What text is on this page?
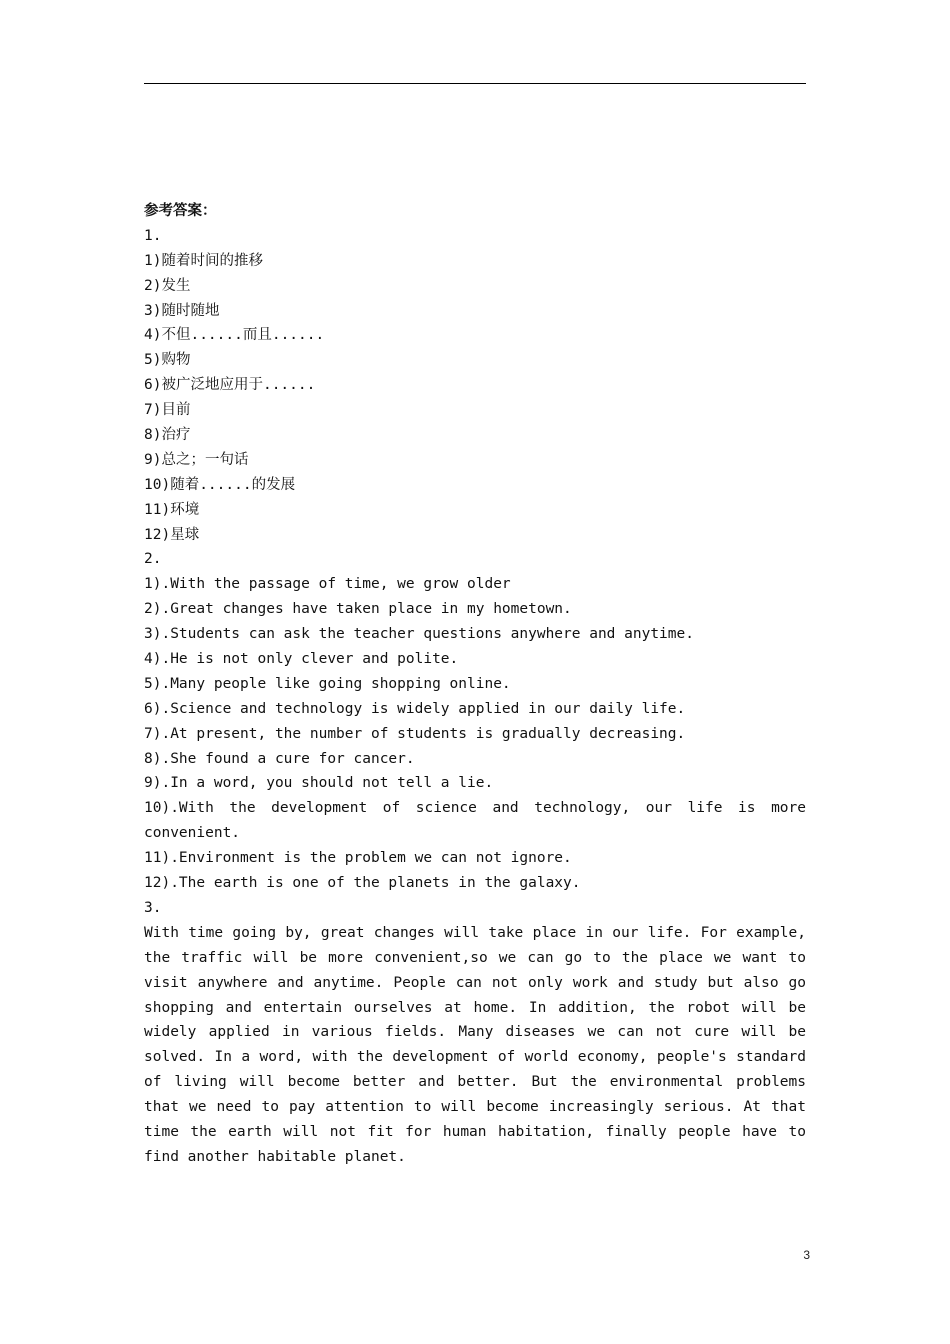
参考答案：
1.
1)随着时间的推移
2)发生
3)随时随地
4)不但......而且......
5)购物
6)被广泛地应用于......
7)目前
8)治疗
9)总之；一句话
10)随着......的发展
11)环境
12)星球
2.
1).With the passage of time, we grow older
2).Great changes have taken place in my hometown.
3).Students can ask the teacher questions anywhere and anytime.
4).He is not only clever and polite.
5).Many people like going shopping online.
6).Science and technology is widely applied in our daily life.
7).At present, the number of students is gradually decreasing.
8).She found a cure for cancer.
9).In a word, you should not tell a lie.
10).With the development of science and technology, our life is more
convenient.
11).Environment is the problem we can not ignore.
12).The earth is one of the planets in the galaxy.
3.
With time going by, great changes will take place in our life. For example, the traffic will be more convenient,so we can go to the place we want to visit anywhere and anytime. People can not only work and study but also go shopping and entertain ourselves at home. In addition, the robot will be widely applied in various fields. Many diseases we can not cure will be solved. In a word, with the development of world economy, people's standard of living will become better and better. But the environmental problems that we need to pay attention to will become increasingly serious. At that time the earth will not fit for human habitation, finally people have to find another habitable planet.
3
